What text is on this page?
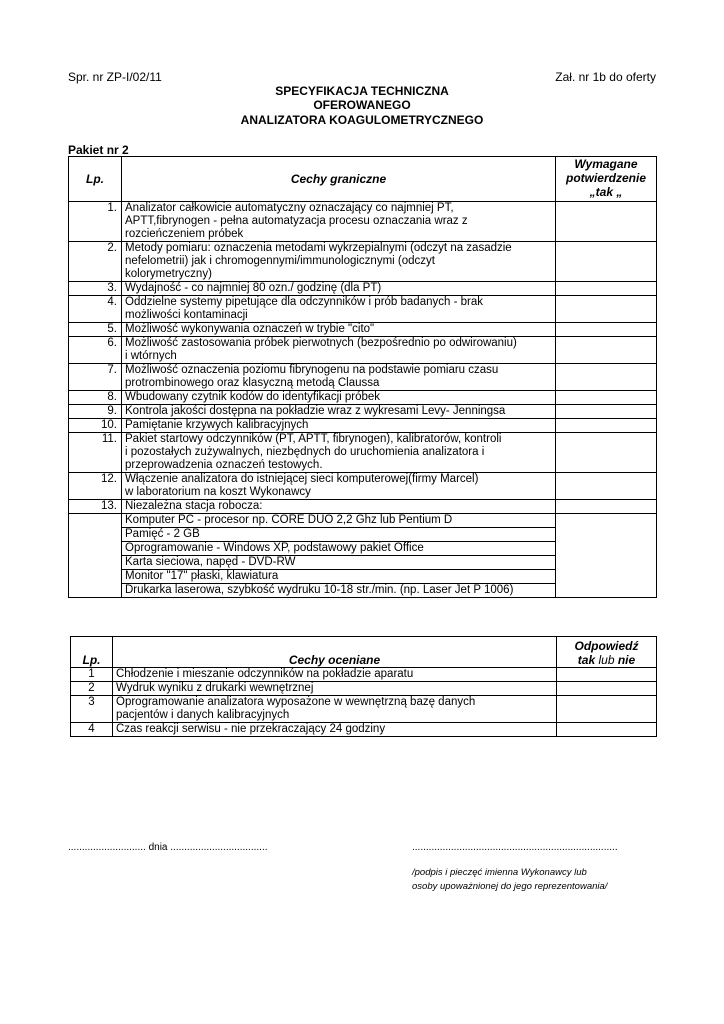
Spr. nr ZP-I/02/11	Zał. nr 1b do oferty
SPECYFIKACJA TECHNICZNA
OFEROWANEGO
ANALIZATORA KOAGULOMETRYCZNEGO
Pakiet nr 2
Lp.	Cechy graniczne	Wymagane
potwierdzenie
„tak „

1.	Analizator całkowicie automatyczny oznaczający co najmniej PT,
APTT,fibrynogen - pełna automatyzacja procesu oznaczania wraz z
rozcieńczeniem próbek	

2.	Metody pomiaru: oznaczenia metodami wykrzepialnymi (odczyt na zasadzie
nefelometrii) jak i chromogennymi/immunologicznymi (odczyt
kolorymetryczny)	

3.	Wydajność - co najmniej 80 ozn./ godzinę (dla PT)	

4.	Oddzielne systemy pipetujące dla odczynników i prób badanych - brak
możliwości kontaminacji	

5.	Możliwość wykonywania oznaczeń w trybie "cito"	

6.	Możliwość zastosowania próbek pierwotnych (bezpośrednio po odwirowaniu)
i wtórnych	

7.	Możliwość oznaczenia poziomu fibrynogenu na podstawie pomiaru czasu
protrombinowego oraz klasyczną metodą Claussa	

8.	Wbudowany czytnik kodów do identyfikacji próbek	

9.	Kontrola jakości dostępna na pokładzie wraz z wykresami Levy- Jenningsa	

10.	Pamiętanie krzywych kalibracyjnych	

11.	Pakiet startowy odczynników (PT, APTT, fibrynogen), kalibratorów, kontroli
i pozostałych zużywalnych, niezbędnych do uruchomienia analizatora i
przeprowadzenia oznaczeń testowych.	

12.	Włączenie analizatora do istniejącej sieci komputerowej(firmy Marcel)
w laboratorium na koszt Wykonawcy	

13.	Niezależna stacja robocza:	

	Komputer PC - procesor np. CORE DUO 2,2 Ghz lub Pentium D	
	Pamięć - 2 GB	
	Oprogramowanie - Windows XP, podstawowy pakiet Office	
	Karta sieciowa, napęd - DVD-RW	
	Monitor "17" płaski, klawiatura	
	Drukarka laserowa, szybkość wydruku 10-18 str./min. (np. Laser Jet P 1006)	
Lp.	Cechy oceniane	Odpowiedź
tak lub nie

1	Chłodzenie i mieszanie odczynników na pokładzie aparatu	

2	Wydruk wyniku z drukarki wewnętrznej	

3	Oprogramowanie analizatora wyposażone w wewnętrzną bazę danych
pacjentów i danych kalibracyjnych	

4	Czas reakcji serwisu - nie przekraczający 24 godziny	

............................ dnia ...................................	..........................................................................
/podpis i pieczęć imienna Wykonawcy lub
osoby upoważnionej do jego reprezentowania/
